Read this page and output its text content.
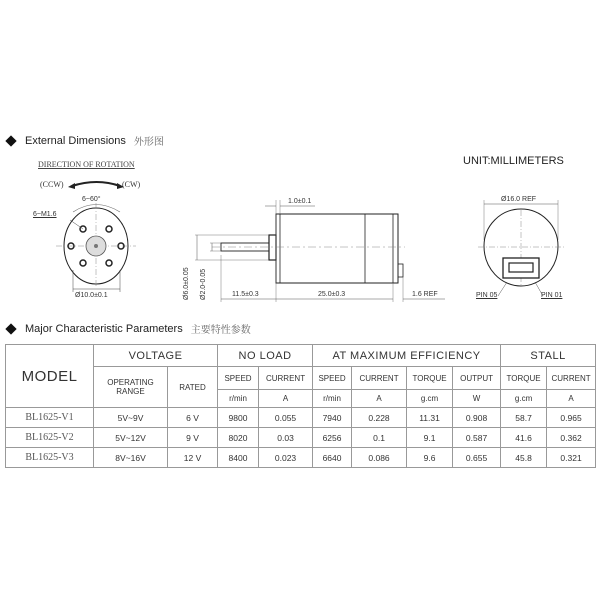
External Dimensions 外形图
UNIT:MILLIMETERS
DIRECTION OF ROTATION
(CCW)	(CW)
6~60°
6~M1.6
Ø10.0±0.1
1.0±0.1
Ø6.0±0.05 Ø2.0-0.05	11.5±0.3	25.0±0.3	1.6 REF
Ø16.0 REF
PIN 05	PIN 01
Major Characteristic Parameters 主要特性参数
MODEL	VOLTAGE		NO LOAD		AT MAXIMUM EFFICIENCY				STALL	
	OPERATING RANGE	RATED	SPEED	CURRENT	SPEED	CURRENT	TORQUE	OUTPUT	TORQUE	CURRENT
			r/min	A	r/min	A	g.cm	W	g.cm	A
BL1625-V1	5V~9V	6 V	9800	0.055	7940	0.228	11.31	0.908	58.7	0.965
BL1625-V2	5V~12V	9 V	8020	0.03	6256	0.1	9.1	0.587	41.6	0.362
BL1625-V3	8V~16V	12 V	8400	0.023	6640	0.086	9.6	0.655	45.8	0.321
